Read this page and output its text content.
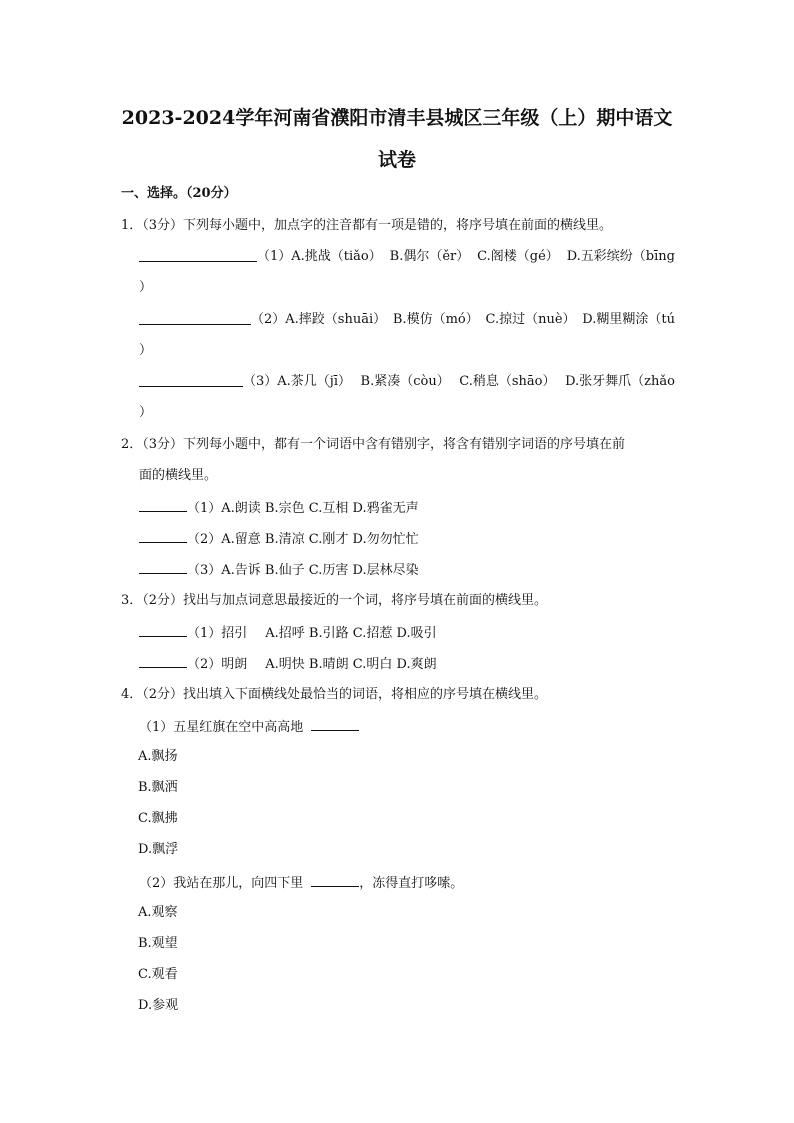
2023-2024学年河南省濮阳市清丰县城区三年级（上）期中语文
试卷
一、选择。（20分）
1．（3分）下列每小题中，加点字的注音都有一项是错的，将序号填在前面的横线里。
（1） A.挑战（tiǎo） B.偶尔（ěr） C.阁楼（gé） D.五彩缤纷（bīng
）
（2） A.摔跤（shuāi） B.模仿（mó） C.掠过（nuè） D.糊里糊涂（tú
）
（3） A.茶几（jī） B.紧凑（còu） C.稍息（shāo） D.张牙舞爪（zhǎo
）
2．（3分）下列每小题中，都有一个词语中含有错别字，将含有错别字词语的序号填在前
面的横线里。
（1）A.朗读 B.宗色 C.互相 D.鸦雀无声
（2）A.留意 B.清凉 C.刚才 D.勿勿忙忙
（3）A.告诉 B.仙子 C.历害 D.层林尽染
3．（2分）找出与加点词意思最接近的一个词，将序号填在前面的横线里。
（1）招引 A.招呼 B.引路 C.招惹 D.吸引
（2）明朗 A.明快 B.晴朗 C.明白 D.爽朗
4．（2分）找出填入下面横线处最恰当的词语，将相应的序号填在横线里。
（1）五星红旗在空中高高地
A.飘扬
B.飘洒
C.飘拂
D.飘浮
（2）我站在那儿，向四下里	，冻得直打哆嗦。
A.观察
B.观望
C.观看
D.参观
